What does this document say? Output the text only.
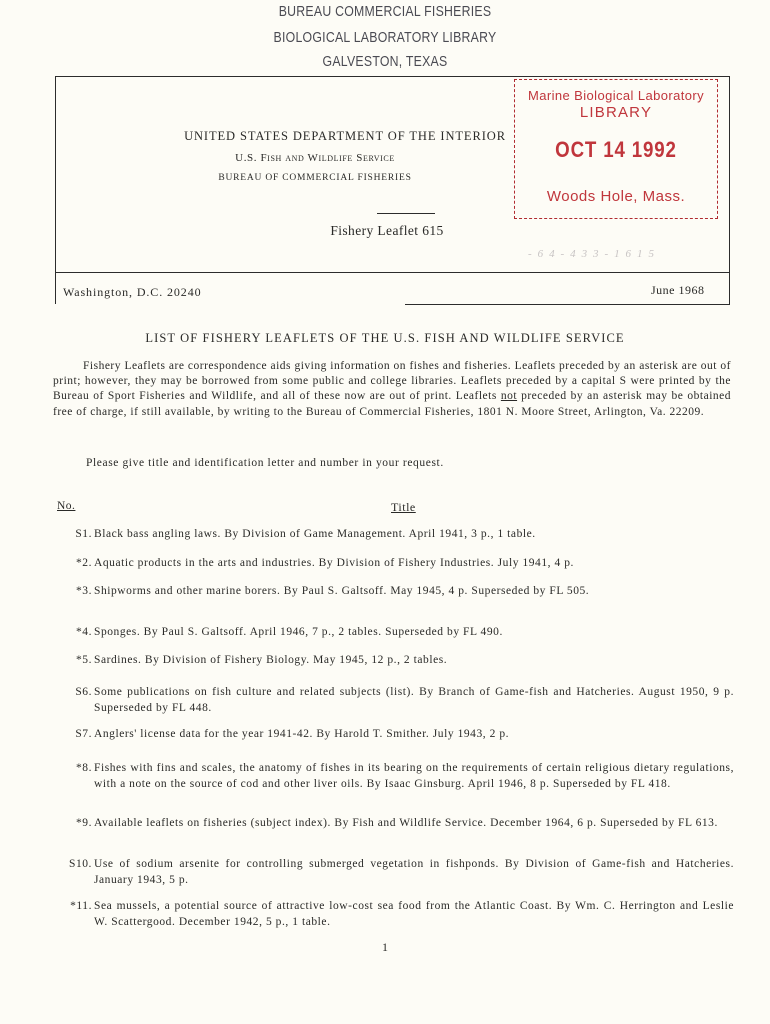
BUREAU COMMERCIAL FISHERIES
BIOLOGICAL LABORATORY LIBRARY
GALVESTON, TEXAS
Marine Biological Laboratory
LIBRARY
OCT 14 1992
Woods Hole, Mass.
UNITED STATES DEPARTMENT OF THE INTERIOR
U.S. Fish and Wildlife Service
BUREAU OF COMMERCIAL FISHERIES
Fishery Leaflet 615
- 6 4 - 4 3 3 - 1 6 1 5
Washington, D.C. 20240	June 1968
LIST OF FISHERY LEAFLETS OF THE U.S. FISH AND WILDLIFE SERVICE
Fishery Leaflets are correspondence aids giving information on fishes and fisheries. Leaflets preceded by an asterisk are out of print; however, they may be borrowed from some public and college libraries. Leaflets preceded by a capital S were printed by the Bureau of Sport Fisheries and Wildlife, and all of these now are out of print. Leaflets not preceded by an asterisk may be obtained free of charge, if still available, by writing to the Bureau of Commercial Fisheries, 1801 N. Moore Street, Arlington, Va. 22209.
Please give title and identification letter and number in your request.
No.	Title
S1. Black bass angling laws. By Division of Game Management. April 1941, 3 p., 1 table.
*2. Aquatic products in the arts and industries. By Division of Fishery Industries. July 1941, 4 p.
*3. Shipworms and other marine borers. By Paul S. Galtsoff. May 1945, 4 p. Superseded by FL 505.
*4. Sponges. By Paul S. Galtsoff. April 1946, 7 p., 2 tables. Superseded by FL 490.
*5. Sardines. By Division of Fishery Biology. May 1945, 12 p., 2 tables.
S6. Some publications on fish culture and related subjects (list). By Branch of Game-fish and Hatcheries. August 1950, 9 p. Superseded by FL 448.
S7. Anglers' license data for the year 1941-42. By Harold T. Smither. July 1943, 2 p.
*8. Fishes with fins and scales, the anatomy of fishes in its bearing on the requirements of certain religious dietary regulations, with a note on the source of cod and other liver oils. By Isaac Ginsburg. April 1946, 8 p. Superseded by FL 418.
*9. Available leaflets on fisheries (subject index). By Fish and Wildlife Service. December 1964, 6 p. Superseded by FL 613.
S10. Use of sodium arsenite for controlling submerged vegetation in fishponds. By Division of Game-fish and Hatcheries. January 1943, 5 p.
*11. Sea mussels, a potential source of attractive low-cost sea food from the Atlantic Coast. By Wm. C. Herrington and Leslie W. Scattergood. December 1942, 5 p., 1 table.
1
